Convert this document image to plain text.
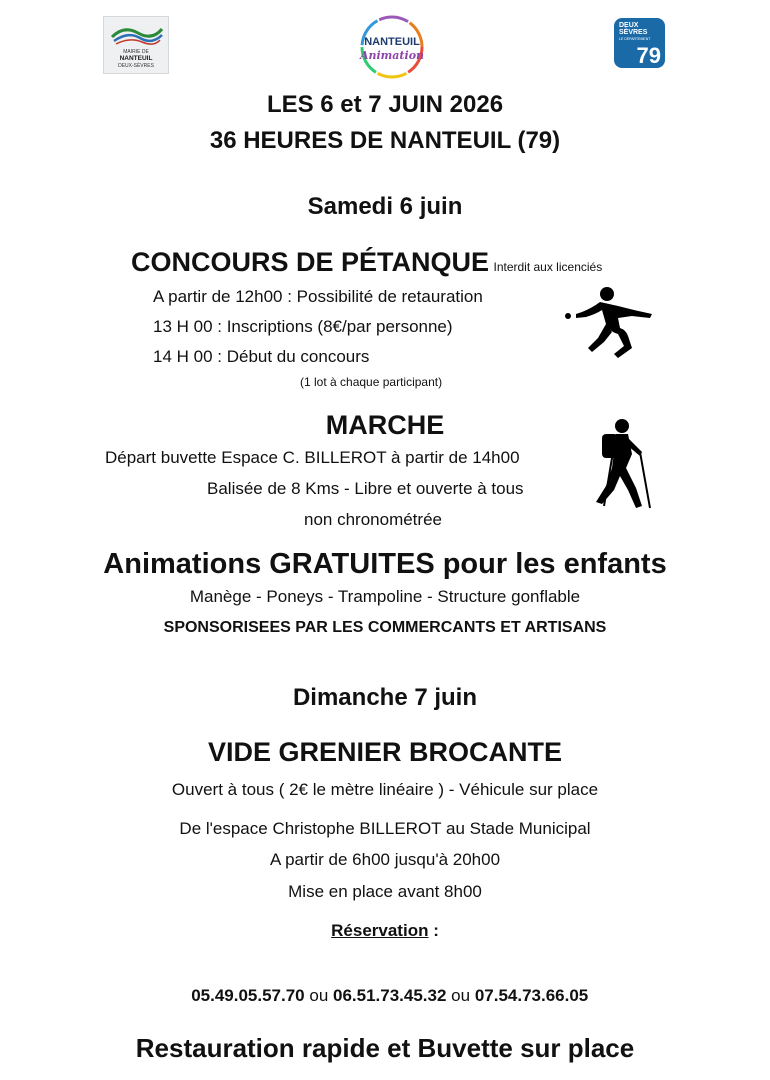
MAIRIE DE
NANTEUIL
DEUX-SÈVRES
NANTEUIL
Animation
DEUX
SÈVRES
LE DÉPARTEMENT
79
LES 6 et 7 JUIN 2026
36 HEURES DE NANTEUIL (79)
Samedi 6 juin
CONCOURS DE PÉTANQUE Interdit aux licenciés
A partir de 12h00 : Possibilité de retauration
13 H 00 : Inscriptions (8€/par personne)
14 H 00 : Début du concours
(1 lot à chaque participant)
MARCHE
Départ buvette Espace C. BILLEROT à partir de 14h00
Balisée de 8 Kms - Libre et ouverte à tous
non chronométrée
Animations GRATUITES pour les enfants
Manège - Poneys - Trampoline - Structure gonflable
SPONSORISEES PAR LES COMMERCANTS ET ARTISANS
Dimanche 7 juin
VIDE GRENIER BROCANTE
Ouvert à tous ( 2€ le mètre linéaire ) - Véhicule sur place
De l'espace Christophe BILLEROT au Stade Municipal
A partir de 6h00 jusqu'à 20h00
Mise en place avant 8h00
Réservation :

05.49.05.57.70 ou 06.51.73.45.32 ou 07.54.73.66.05

Restauration rapide et Buvette sur place
